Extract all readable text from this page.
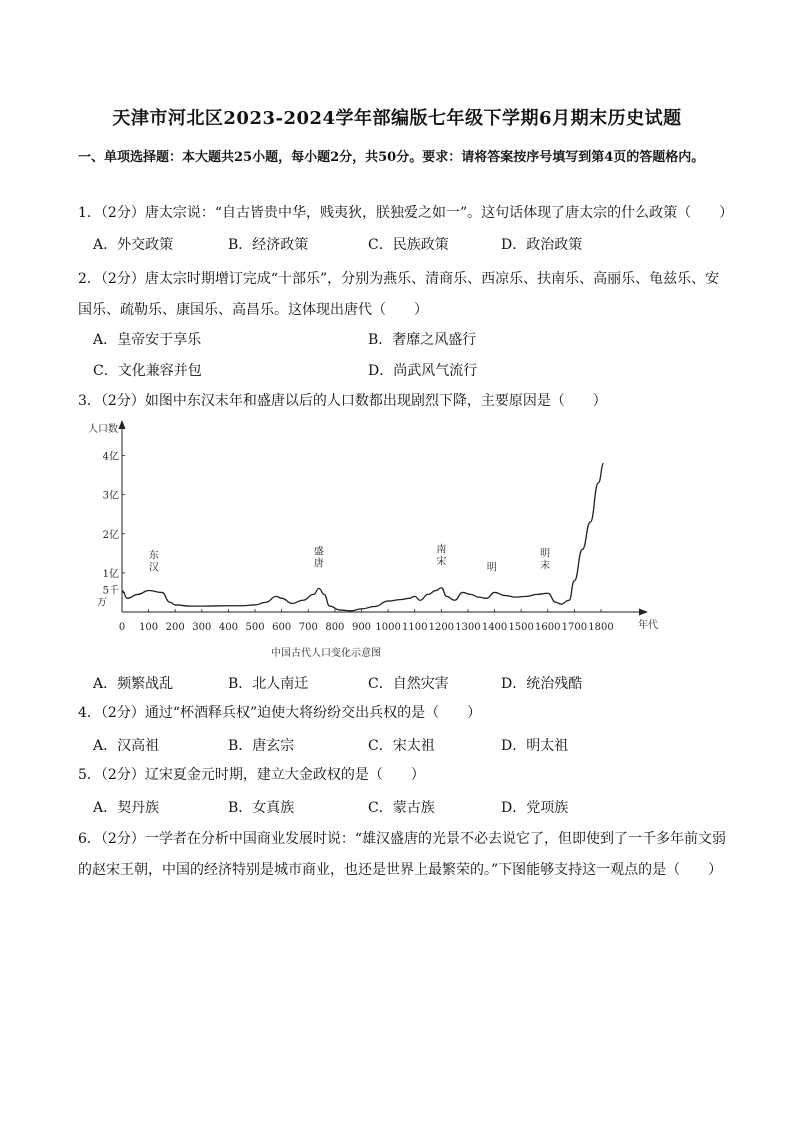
天津市河北区2023-2024学年部编版七年级下学期6月期末历史试题
一、单项选择题：本大题共25小题，每小题2分，共50分。要求：请将答案按序号填写到第4页的答题格内。
1．（2分）唐太宗说：“自古皆贵中华，贱夷狄，朕独爱之如一”。这句话体现了唐太宗的什么政策（　　）
A．外交政策	B．经济政策	C．民族政策	D．政治政策
2．（2分）唐太宗时期增订完成“十部乐”，分别为燕乐、清商乐、西凉乐、扶南乐、高丽乐、龟兹乐、安国乐、疏勒乐、康国乐、高昌乐。这体现出唐代（　　）
A．皇帝安于享乐	B．奢靡之风盛行
C．文化兼容并包	D．尚武风气流行
3．（2分）如图中东汉末年和盛唐以后的人口数都出现剧烈下降，主要原因是（　　）
人口数
年代
0 100 200 300 400 500 600 700 800 900 1000 1100 1200 1300 1400 1500 1600 1700 1800
4亿
3亿
2亿
1亿
5千
万
东
汉
盛
唐
南
宋
明
明
末
中国古代人口变化示意图
A．频繁战乱	B．北人南迁	C．自然灾害	D．统治残酷
4．（2分）通过“杯酒释兵权”迫使大将纷纷交出兵权的是（　　）
A．汉高祖	B．唐玄宗	C．宋太祖	D．明太祖
5．（2分）辽宋夏金元时期，建立大金政权的是（　　）
A．契丹族	B．女真族	C．蒙古族	D．党项族
6．（2分）一学者在分析中国商业发展时说：“雄汉盛唐的光景不必去说它了，但即使到了一千多年前文弱的赵宋王朝，中国的经济特别是城市商业，也还是世界上最繁荣的。”下图能够支持这一观点的是（　　）
